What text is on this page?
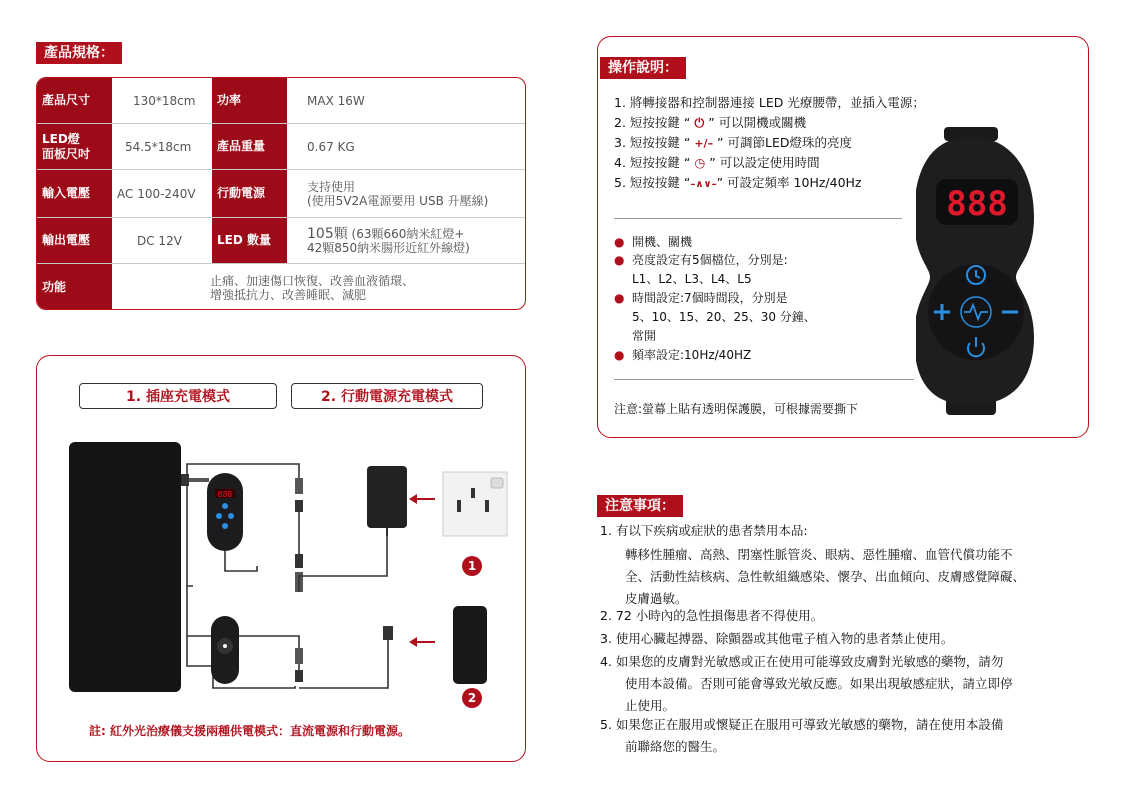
產品規格：
產品尺寸	130*18cm	功率	MAX 16W
LED燈
面板尺吋	54.5*18cm	產品重量	0.67 KG
輸入電壓	AC 100-240V	行動電源	支持使用
(使用5V2A電源要用 USB 升壓線)
輸出電壓	DC 12V	LED 數量	105顆 (63顆660納米紅燈+
42顆850納米腸形近紅外線燈)
功能	止痛、加速傷口恢復、改善血液循環、
增強抵抗力、改善睡眠、減肥
1. 插座充電模式	2. 行動電源充電模式
888
1
2
註: 紅外光治療儀支援兩種供電模式：直流電源和行動電源。
操作說明：
1. 將轉接器和控制器連接 LED 光療腰帶，並插入電源；
2. 短按按鍵 “ ⏻ ” 可以開機或關機
3. 短按按鍵 “ +/– ” 可調節LED燈珠的亮度
4. 短按按鍵 “ ◷ ” 可以設定使用時間
5. 短按按鍵 “–∧∨–” 可設定頻率 10Hz/40Hz
● 開機、關機
● 亮度設定有5個檔位，分別是:
L1、L2、L3、L4、L5
● 時間設定:7個時間段，分別是
5、10、15、20、25、30 分鐘、
常開
● 頻率設定:10Hz/40HZ
注意:螢幕上貼有透明保護膜，可根據需要撕下
888
注意事項：
1. 有以下疾病或症狀的患者禁用本品:
轉移性腫瘤、高熱、閉塞性脈管炎、眼病、惡性腫瘤、血管代償功能不
全、活動性結核病、急性軟組織感染、懷孕、出血傾向、皮膚感覺障礙、
皮膚過敏。
2. 72 小時內的急性損傷患者不得使用。
3. 使用心臟起搏器、除顫器或其他電子植入物的患者禁止使用。
4. 如果您的皮膚對光敏感或正在使用可能導致皮膚對光敏感的藥物，請勿
使用本設備。否則可能會導致光敏反應。如果出現敏感症狀，請立即停
止使用。
5. 如果您正在服用或懷疑正在服用可導致光敏感的藥物，請在使用本設備
前聯絡您的醫生。
